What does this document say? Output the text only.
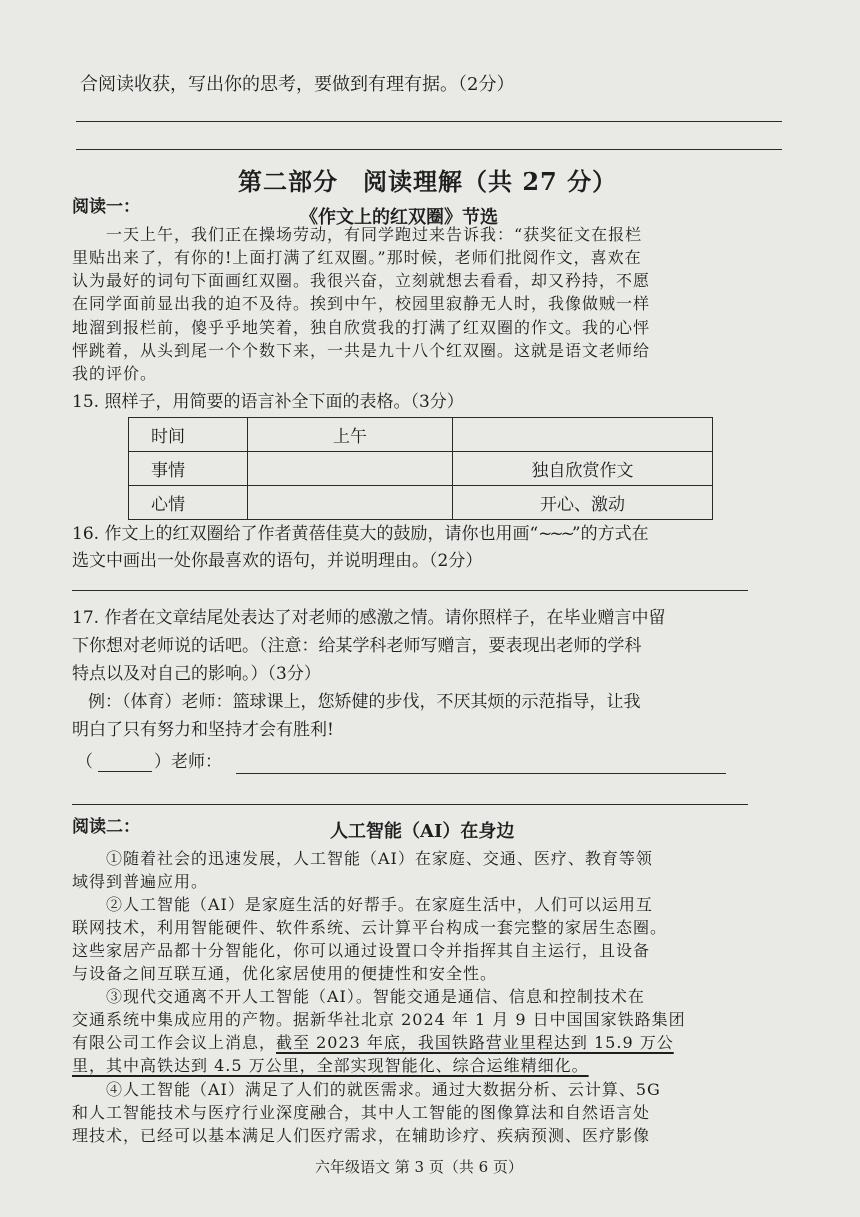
合阅读收获，写出你的思考，要做到有理有据。（2分）
第二部分　阅读理解（共 27 分）
阅读一：	《作文上的红双圈》节选
　　一天上午，我们正在操场劳动，有同学跑过来告诉我：“获奖征文在报栏
里贴出来了，有你的!上面打满了红双圈。”那时候，老师们批阅作文，喜欢在
认为最好的词句下面画红双圈。我很兴奋，立刻就想去看看，却又矜持，不愿
在同学面前显出我的迫不及待。挨到中午，校园里寂静无人时，我像做贼一样
地溜到报栏前，傻乎乎地笑着，独自欣赏我的打满了红双圈的作文。我的心怦
怦跳着，从头到尾一个个数下来，一共是九十八个红双圈。这就是语文老师给
我的评价。
15. 照样子，用简要的语言补全下面的表格。（3分）
时间	上午	
事情		独自欣赏作文
心情		开心、激动
16. 作文上的红双圈给了作者黄蓓佳莫大的鼓励，请你也用画“~~~”的方式在
选文中画出一处你最喜欢的语句，并说明理由。（2分）
17. 作者在文章结尾处表达了对老师的感激之情。请你照样子，在毕业赠言中留
下你想对老师说的话吧。（注意：给某学科老师写赠言，要表现出老师的学科
特点以及对自己的影响。）（3分）
例：（体育）老师：篮球课上，您矫健的步伐，不厌其烦的示范指导，让我
明白了只有努力和坚持才会有胜利!
（	）老师：
阅读二：	人工智能（AI）在身边
　　①随着社会的迅速发展，人工智能（AI）在家庭、交通、医疗、教育等领
域得到普遍应用。
　　②人工智能（AI）是家庭生活的好帮手。在家庭生活中，人们可以运用互
联网技术，利用智能硬件、软件系统、云计算平台构成一套完整的家居生态圈。
这些家居产品都十分智能化，你可以通过设置口令并指挥其自主运行，且设备
与设备之间互联互通，优化家居使用的便捷性和安全性。
　　③现代交通离不开人工智能（AI）。智能交通是通信、信息和控制技术在
交通系统中集成应用的产物。据新华社北京 2024 年 1 月 9 日中国国家铁路集团
有限公司工作会议上消息，截至 2023 年底，我国铁路营业里程达到 15.9 万公
里，其中高铁达到 4.5 万公里，全部实现智能化、综合运维精细化。
　　④人工智能（AI）满足了人们的就医需求。通过大数据分析、云计算、5G
和人工智能技术与医疗行业深度融合，其中人工智能的图像算法和自然语言处
理技术，已经可以基本满足人们医疗需求，在辅助诊疗、疾病预测、医疗影像
六年级语文 第 3 页（共 6 页）
